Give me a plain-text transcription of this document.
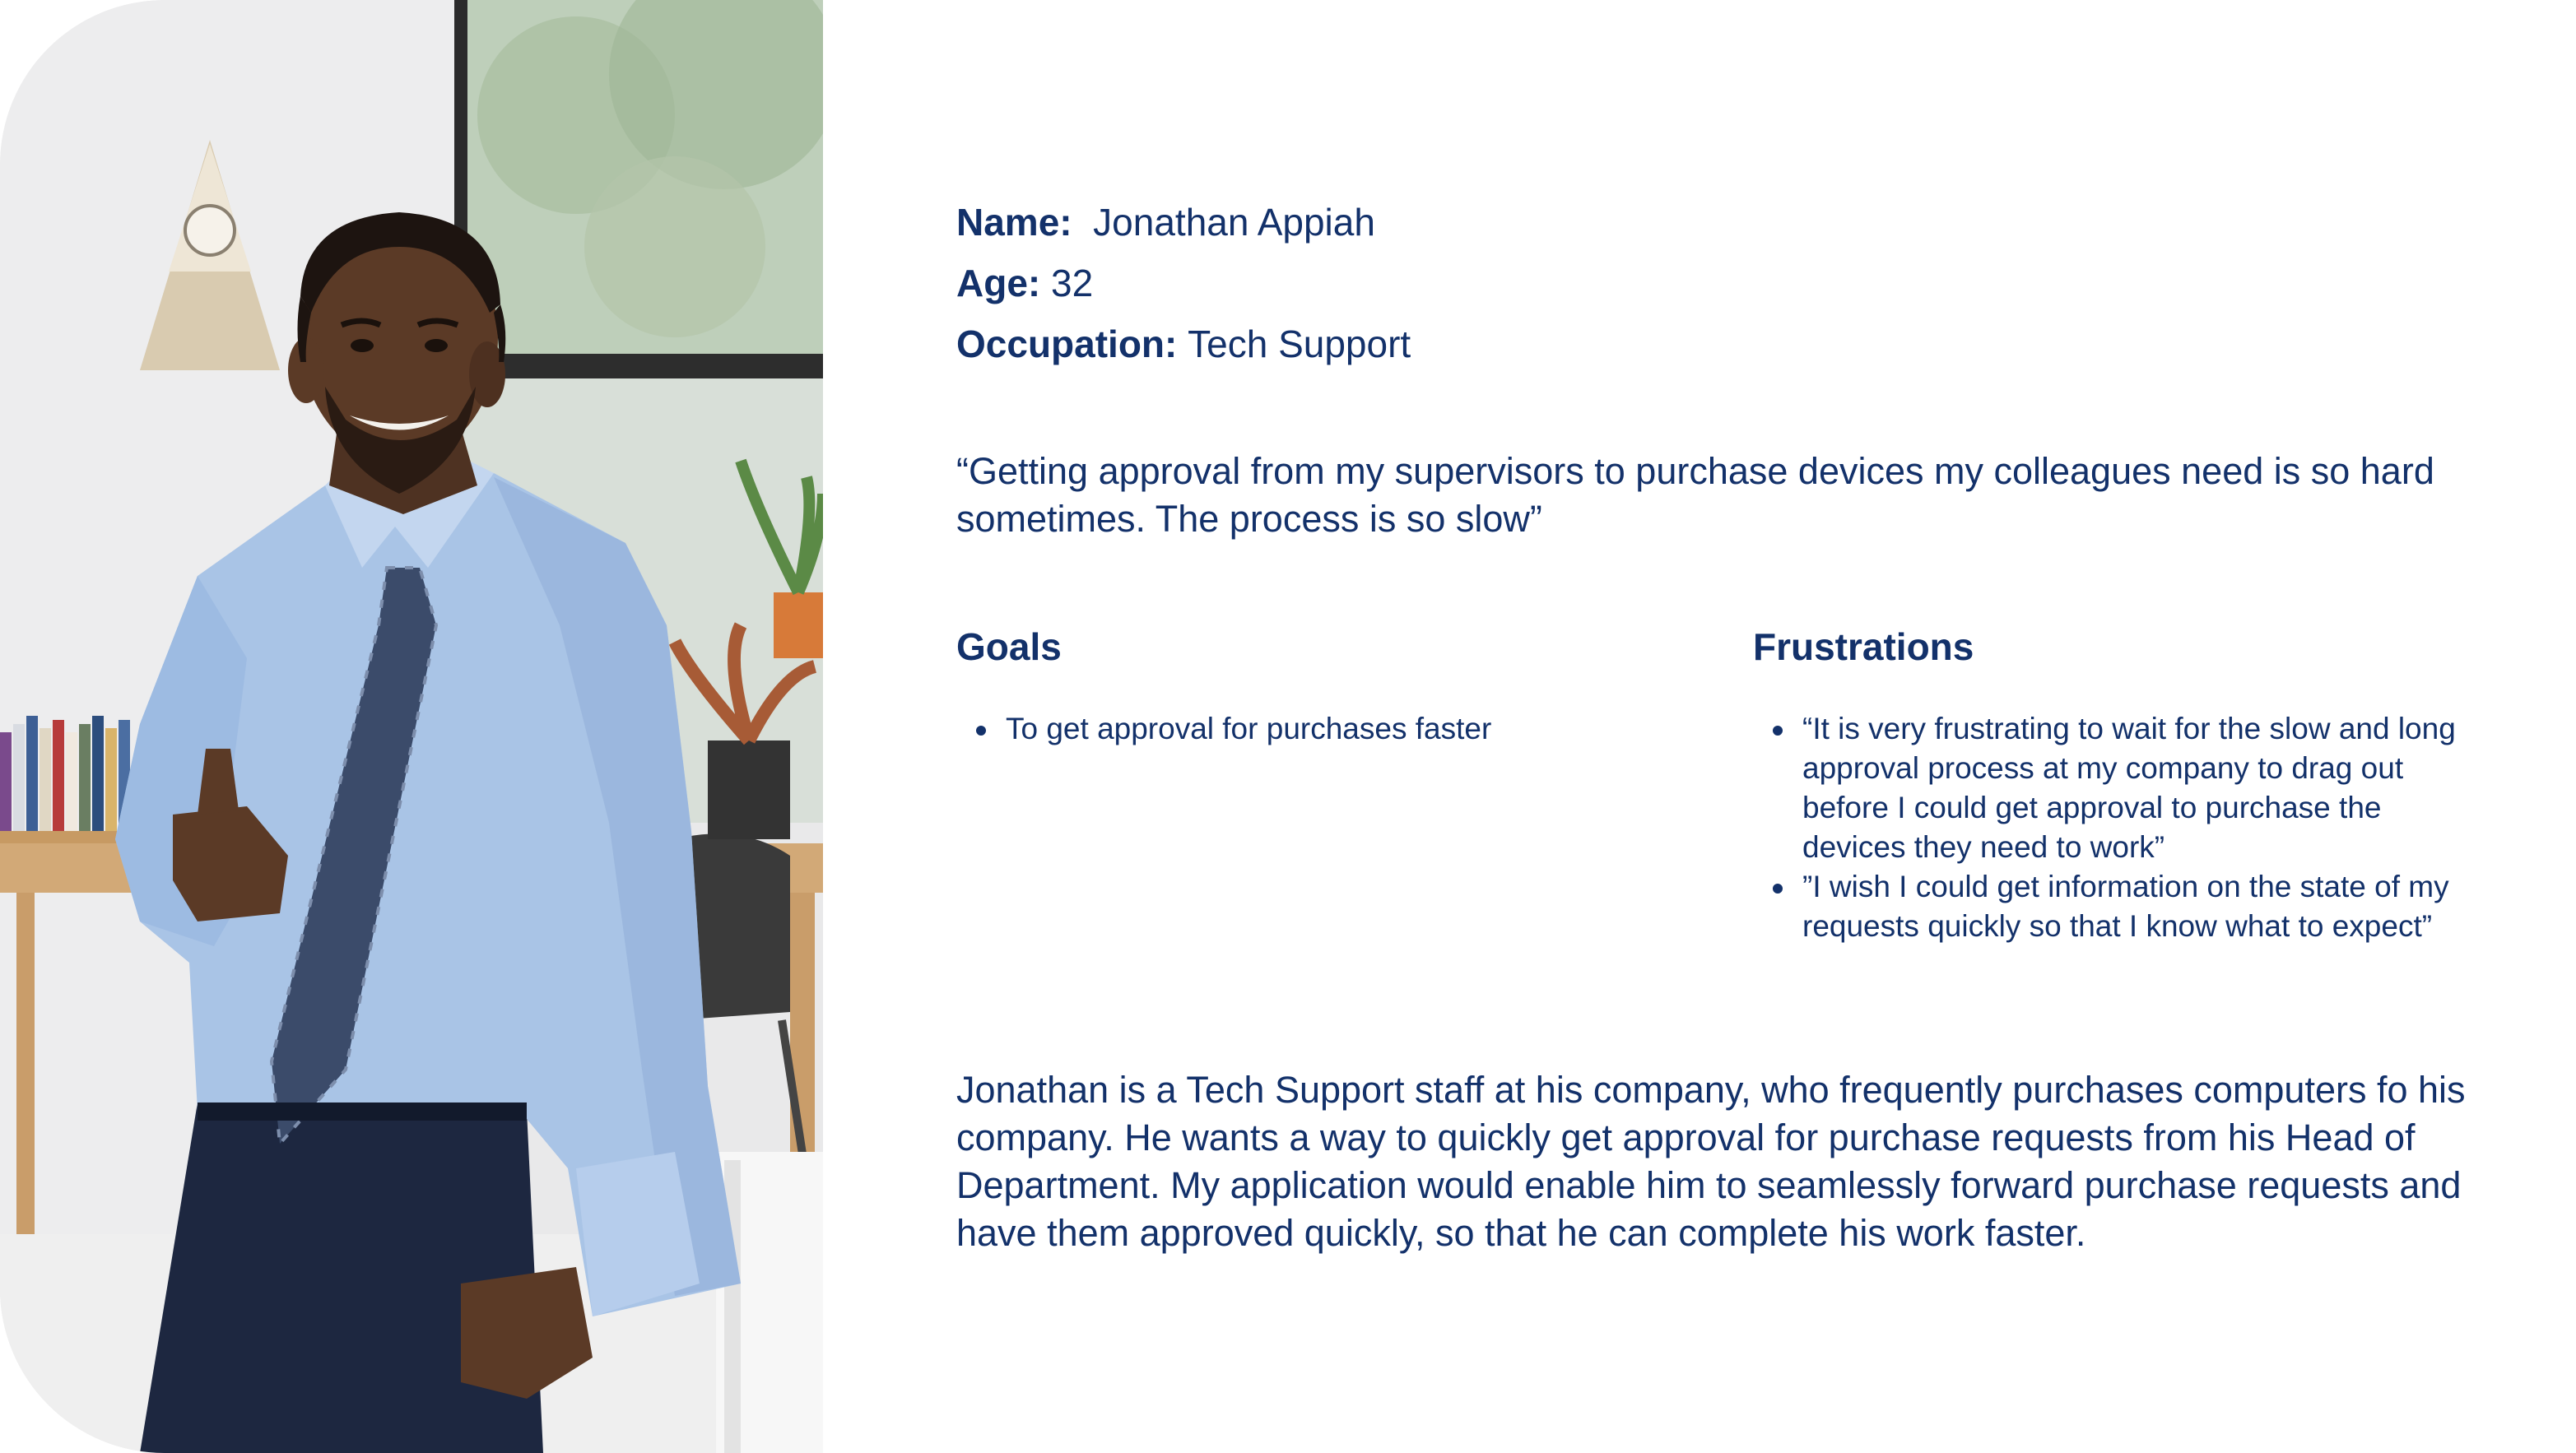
Name: Jonathan Appiah
Age: 32
Occupation: Tech Support
“Getting approval from my supervisors to purchase devices my colleagues need is so hard sometimes. The process is so slow”
Goals	Frustrations
To get approval for purchases faster	“It is very frustrating to wait for the slow and long approval process at my company to drag out before I could get approval to purchase the devices they need to work”
”I wish I could get information on the state of my requests quickly so that I know what to expect”
Jonathan is a Tech Support staff at his company, who frequently purchases computers fo his company. He wants a way to quickly get approval for purchase requests from his Head of Department. My application would enable him to seamlessly forward purchase requests and have them approved quickly, so that he can complete his work faster.
